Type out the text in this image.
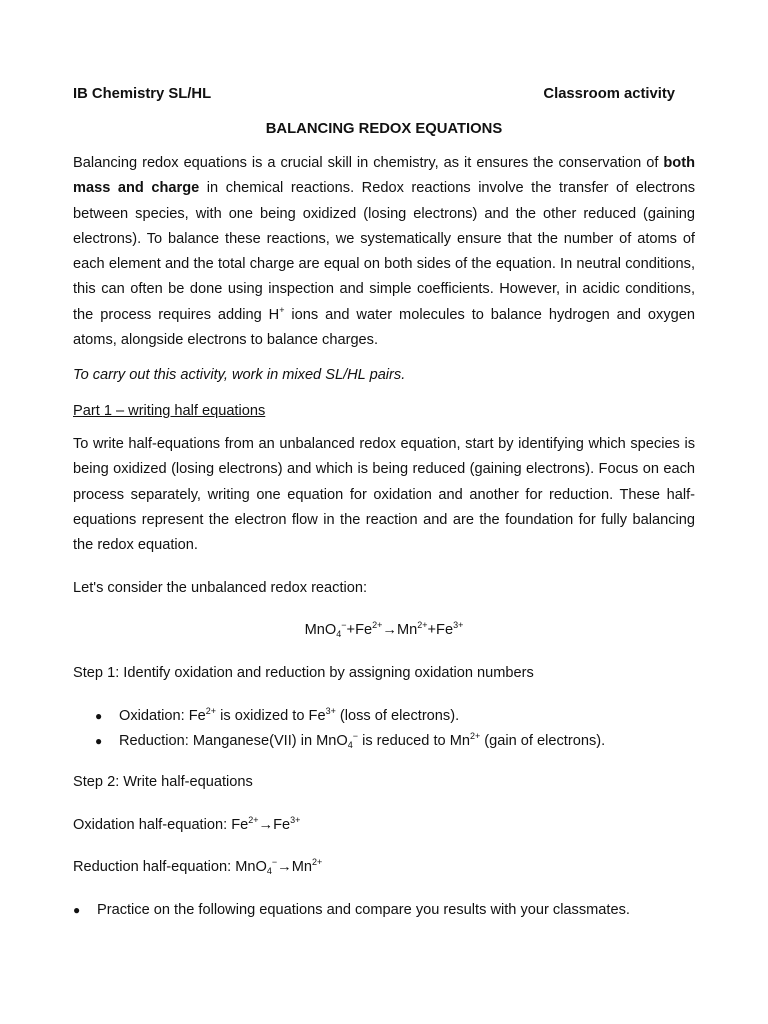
IB Chemistry SL/HL	Classroom activity
BALANCING REDOX EQUATIONS

Balancing redox equations is a crucial skill in chemistry, as it ensures the conservation of both mass and charge in chemical reactions. Redox reactions involve the transfer of electrons between species, with one being oxidized (losing electrons) and the other reduced (gaining electrons). To balance these reactions, we systematically ensure that the number of atoms of each element and the total charge are equal on both sides of the equation. In neutral conditions, this can often be done using inspection and simple coefficients. However, in acidic conditions, the process requires adding H+ ions and water molecules to balance hydrogen and oxygen atoms, alongside electrons to balance charges.

To carry out this activity, work in mixed SL/HL pairs.

Part 1 – writing half equations

To write half-equations from an unbalanced redox equation, start by identifying which species is being oxidized (losing electrons) and which is being reduced (gaining electrons). Focus on each process separately, writing one equation for oxidation and another for reduction. These half-equations represent the electron flow in the reaction and are the foundation for fully balancing the redox equation.

Let's consider the unbalanced redox reaction:

$MnO_4^-+Fe^{2+}\to Mn^{2+}+Fe^{3+}$
Step 1: Identify oxidation and reduction by assigning oxidation numbers
● Oxidation: $Fe^{2+}$ is oxidized to $Fe^{3+}$ (loss of electrons).
● Reduction: Manganese(VII) in MnO$_4$− is reduced to $Mn^{2+}$ (gain of electrons).
Step 2: Write half-equations
Oxidation half-equation: $Fe^{2+}\to Fe^{3+}$
Reduction half-equation: $MnO_4^-\to Mn^{2+}$
● Practice on the following equations and compare you results with your classmates.
